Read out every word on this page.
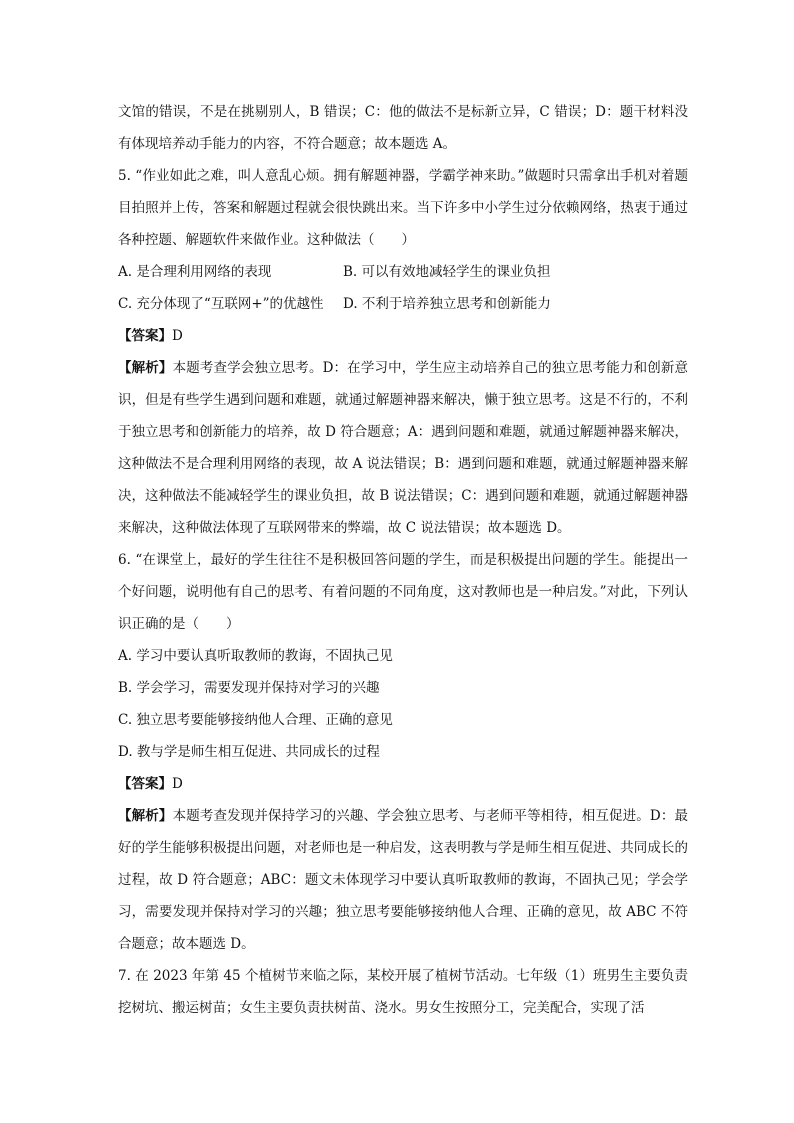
文馆的错误，不是在挑剔别人，B 错误；C：他的做法不是标新立异，C 错误；D：题干材料没有体现培养动手能力的内容，不符合题意；故本题选 A。

5. “作业如此之难，叫人意乱心烦。拥有解题神器，学霸学神来助。”做题时只需拿出手机对着题目拍照并上传，答案和解题过程就会很快跳出来。当下许多中小学生过分依赖网络，热衷于通过各种控题、解题软件来做作业。这种做法（　　）

A. 是合理利用网络的表现	B. 可以有效地减轻学生的课业负担
C. 充分体现了“互联网+”的优越性	D. 不利于培养独立思考和创新能力

【答案】D

【解析】本题考查学会独立思考。D：在学习中，学生应主动培养自己的独立思考能力和创新意识，但是有些学生遇到问题和难题，就通过解题神器来解决，懒于独立思考。这是不行的，不利于独立思考和创新能力的培养，故 D 符合题意；A：遇到问题和难题，就通过解题神器来解决，这种做法不是合理利用网络的表现，故 A 说法错误；B：遇到问题和难题，就通过解题神器来解决，这种做法不能减轻学生的课业负担，故 B 说法错误；C：遇到问题和难题，就通过解题神器来解决，这种做法体现了互联网带来的弊端，故 C 说法错误；故本题选 D。

6. “在课堂上，最好的学生往往不是积极回答问题的学生，而是积极提出问题的学生。能提出一个好问题，说明他有自己的思考、有着问题的不同角度，这对教师也是一种启发。”对此，下列认识正确的是（　　）

A. 学习中要认真听取教师的教诲，不固执己见

B. 学会学习，需要发现并保持对学习的兴趣

C. 独立思考要能够接纳他人合理、正确的意见

D. 教与学是师生相互促进、共同成长的过程

【答案】D

【解析】本题考查发现并保持学习的兴趣、学会独立思考、与老师平等相待，相互促进。D：最好的学生能够积极提出问题，对老师也是一种启发，这表明教与学是师生相互促进、共同成长的过程，故 D 符合题意；ABC：题文未体现学习中要认真听取教师的教诲，不固执己见；学会学习，需要发现并保持对学习的兴趣；独立思考要能够接纳他人合理、正确的意见，故 ABC 不符合题意；故本题选 D。

7. 在 2023 年第 45 个植树节来临之际，某校开展了植树节活动。七年级（1）班男生主要负责挖树坑、搬运树苗；女生主要负责扶树苗、浇水。男女生按照分工，完美配合，实现了活
